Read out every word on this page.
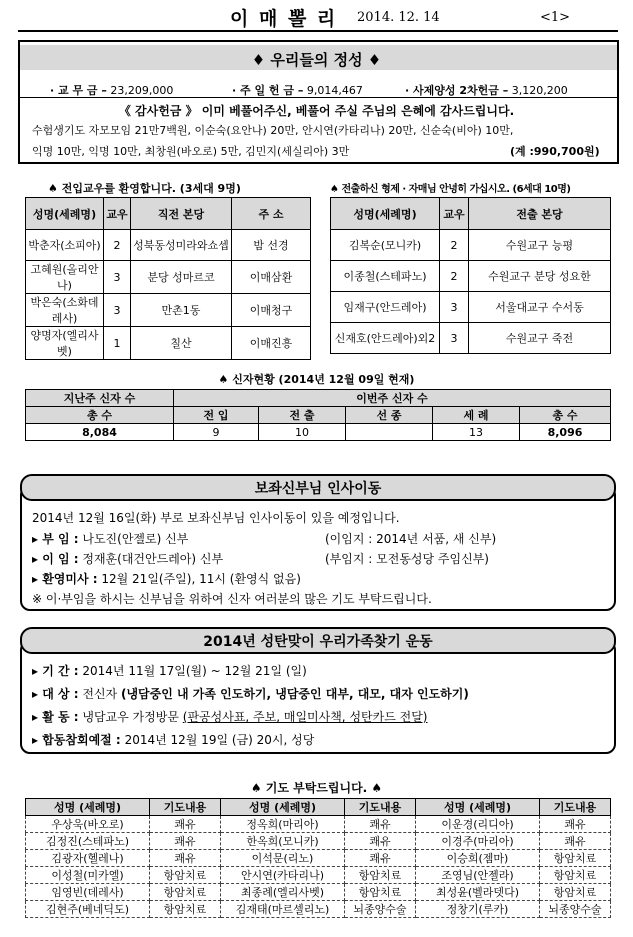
이 매 뽈 리 2014. 12. 14	<1>
♦ 우리들의 정성 ♦
· 교 무 금 – 23,209,000	· 주 일 헌 금 – 9,014,467	· 사제양성 2차헌금 – 3,120,200
《 감사헌금 》 이미 베풀어주신, 베풀어 주실 주님의 은혜에 감사드립니다.
수험생기도 자모모임 21만7백원, 이순숙(요안나) 20만, 안시연(카타리나) 20만, 신순숙(비아) 10만,
익명 10만, 익명 10만, 최창원(바오로) 5만, 김민지(세실리아) 3만	(계 :990,700원)
♠ 전입교우를 환영합니다. (3세대 9명)
성명(세례명)	교우	직전 본당	주 소
박춘자(소피아)	2	성북동성미라와쇼셉	밤 선경
고혜원(올리안나)	3	분당 성마르코	이매삼환
박은숙(소화데레사)	3	만촌1동	이매청구
양명자(엘리사벳)	1	칠산	이매진흥
♠ 전출하신 형제 · 자매님 안녕히 가십시오. (6세대 10명)
성명(세례명)	교우	전출 본당
김복순(모니카)	2	수원교구 능평
이종철(스테파노)	2	수원교구 분당 성요한
임재구(안드레아)	3	서울대교구 수서동
신재호(안드레아)외2	3	수원교구 죽전
♠ 신자현황 (2014년 12월 09일 현재)
지난주 신자 수	이번주 신자 수				
총 수	전 입	전 출	선 종	세 례	총 수
8,084	9	10		13	8,096
보좌신부님 인사이동
2014년 12월 16일(화) 부로 보좌신부님 인사이동이 있을 예정입니다.
▸ 부 임 : 나도진(안젤로) 신부	(이임지 : 2014년 서품, 새 신부)
▸ 이 임 : 정재훈(대건안드레아) 신부	(부임지 : 모전동성당 주임신부)
▸ 환영미사 : 12월 21일(주일), 11시 (환영식 없음)
※ 이·부임을 하시는 신부님을 위하여 신자 여러분의 많은 기도 부탁드립니다.
2014년 성탄맞이 우리가족찾기 운동
▸ 기 간 : 2014년 11월 17일(월) ~ 12월 21일 (일)
▸ 대 상 : 전신자 (냉담중인 내 가족 인도하기, 냉담중인 대부, 대모, 대자 인도하기)
▸ 활 동 : 냉담교우 가정방문 (판공성사표, 주보, 매일미사책, 성탄카드 전달)
▸ 합동참회예절 : 2014년 12월 19일 (금) 20시, 성당
♠ 기도 부탁드립니다. ♠
성명 (세례명)	기도내용	성명 (세례명)	기도내용	성명 (세례명)	기도내용
우상욱(바오로)	쾌유	정옥희(마리아)	쾌유	이운경(리디아)	쾌유
김정진(스테파노)	쾌유	한옥희(모니카)	쾌유	이경주(마리아)	쾌유
김광자(헬레나)	쾌유	이석문(리노)	쾌유	이승희(젬마)	항암치료
이성철(미카엘)	항암치료	안시연(카타리나)	항암치료	조영님(안젤라)	항암치료
임영빈(데레사)	항암치료	최종례(엘리사벳)	항암치료	최성윤(벨라뎃다)	항암치료
김현주(베네딕도)	항암치료	김재태(마르셀리노)	뇌종양수술	정창기(루카)	뇌종양수술
